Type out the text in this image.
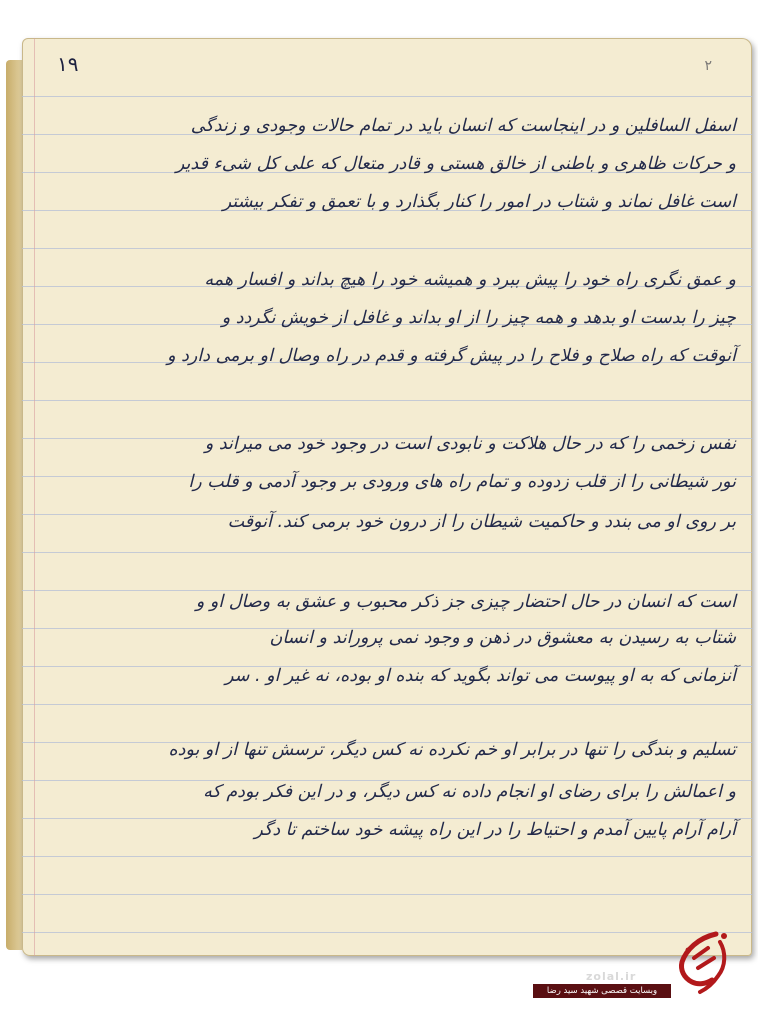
۱۹	۲
اسفل السافلین و در اینجاست که انسان باید در تمام حالات وجودی و زندگی
و حرکات ظاهری و باطنی از خالق هستی و قادر متعال که علی کل شیء قدیر
است غافل نماند و شتاب در امور را کنار بگذارد و با تعمق و تفکر بیشتر
و عمق نگری راه خود را پیش ببرد و همیشه خود را هیچ بداند و افسار همه
چیز را بدست او بدهد و همه چیز را از او بداند و غافل از خویش نگردد و
آنوقت که راه صلاح و فلاح را در پیش گرفته و قدم در راه وصال او برمی دارد و
نفس زخمی را که در حال هلاکت و نابودی است در وجود خود می میراند و
نور شیطانی را از قلب زدوده و تمام راه های ورودی بر وجود آدمی و قلب را
بر روی او می بندد و حاکمیت شیطان را از درون خود برمی کند. آنوقت
است که انسان در حال احتضار چیزی جز ذکر محبوب و عشق به وصال او و
شتاب به رسیدن به معشوق در ذهن و وجود نمی پروراند و انسان
آنزمانی که به او پیوست می تواند بگوید که بنده او بوده، نه غیر او . سر
تسلیم و بندگی را تنها در برابر او خم نکرده نه کس دیگر، ترسش تنها از او بوده
و اعمالش را برای رضای او انجام داده نه کس دیگر، و در این فکر بودم که
آرام آرام پایین آمدم و احتیاط را در این راه پیشه خود ساختم تا دگر
zolal.ir
وبسایت قصصی شهید سید رضا پورموسوی
